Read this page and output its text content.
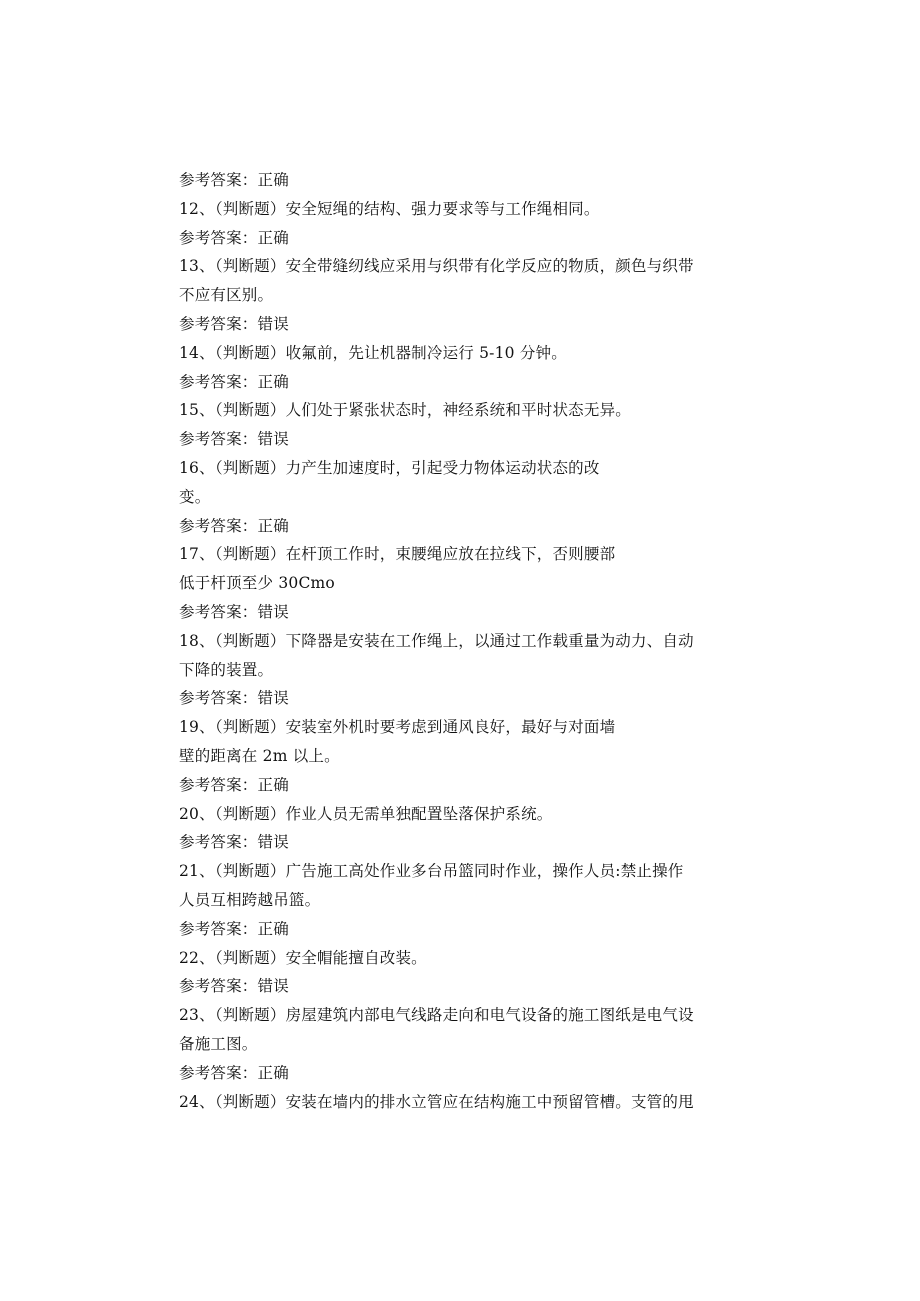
参考答案：正确
12、（判断题）安全短绳的结构、强力要求等与工作绳相同。
参考答案：正确
13、（判断题）安全带缝纫线应采用与织带有化学反应的物质，颜色与织带
不应有区别。
参考答案：错误
14、（判断题）收氟前，先让机器制冷运行 5-10 分钟。
参考答案：正确
15、（判断题）人们处于紧张状态时，神经系统和平时状态无异。
参考答案：错误
16、（判断题）力产生加速度时，引起受力物体运动状态的改
变。
参考答案：正确
17、（判断题）在杆顶工作时，束腰绳应放在拉线下，否则腰部
低于杆顶至少 30Cmo
参考答案：错误
18、（判断题）下降器是安装在工作绳上，以通过工作载重量为动力、自动
下降的装置。
参考答案：错误
19、（判断题）安装室外机时要考虑到通风良好，最好与对面墙
壁的距离在 2m 以上。
参考答案：正确
20、（判断题）作业人员无需单独配置坠落保护系统。
参考答案：错误
21、（判断题）广告施工高处作业多台吊篮同时作业，操作人员:禁止操作
人员互相跨越吊篮。
参考答案：正确
22、（判断题）安全帽能擅自改装。
参考答案：错误
23、（判断题）房屋建筑内部电气线路走向和电气设备的施工图纸是电气设
备施工图。
参考答案：正确
24、（判断题）安装在墙内的排水立管应在结构施工中预留管槽。支管的甩
